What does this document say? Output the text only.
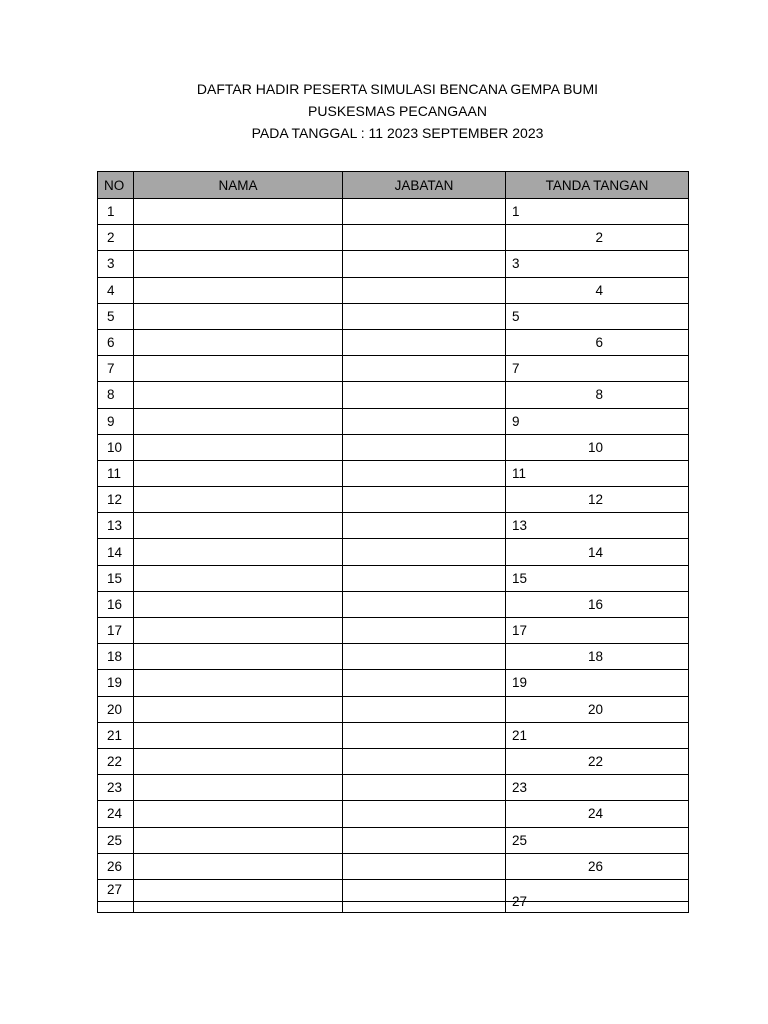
DAFTAR HADIR PESERTA SIMULASI BENCANA GEMPA BUMI
PUSKESMAS PECANGAAN
PADA TANGGAL : 11 2023 SEPTEMBER 2023
NO	NAMA	JABATAN	TANDA TANGAN
1			1
2			2
3			3
4			4
5			5
6			6
7			7
8			8
9			9
10			10
11			11
12			12
13			13
14			14
15			15
16			16
17			17
18			18
19			19
20			20
21			21
22			22
23			23
24			24
25			25
26			26
27			27
